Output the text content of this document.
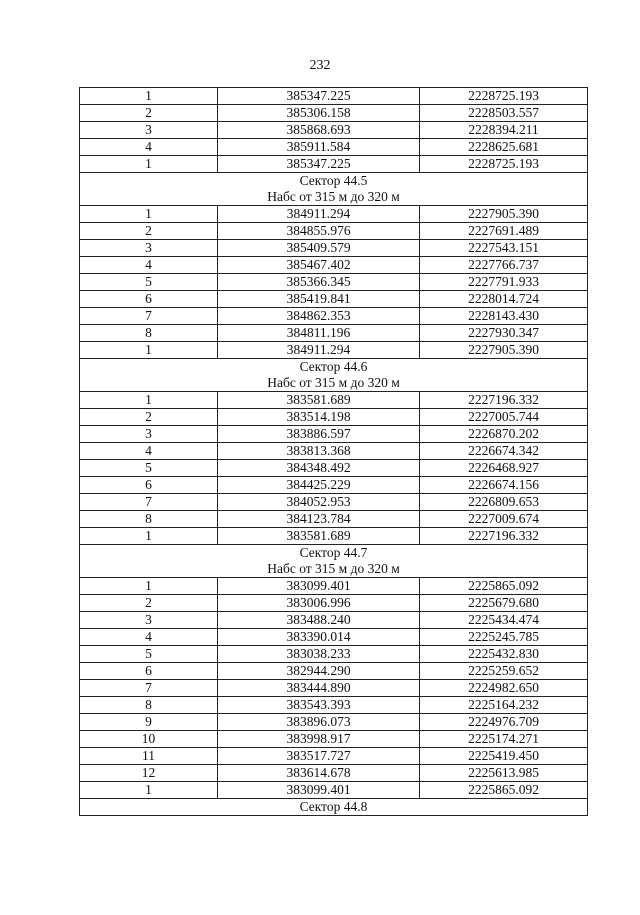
232
1	385347.225	2228725.193
2	385306.158	2228503.557
3	385868.693	2228394.211
4	385911.584	2228625.681
1	385347.225	2228725.193
Сектор 44.5		
Набс от 315 м до 320 м		
1	384911.294	2227905.390
2	384855.976	2227691.489
3	385409.579	2227543.151
4	385467.402	2227766.737
5	385366.345	2227791.933
6	385419.841	2228014.724
7	384862.353	2228143.430
8	384811.196	2227930.347
1	384911.294	2227905.390
Сектор 44.6		
Набс от 315 м до 320 м		
1	383581.689	2227196.332
2	383514.198	2227005.744
3	383886.597	2226870.202
4	383813.368	2226674.342
5	384348.492	2226468.927
6	384425.229	2226674.156
7	384052.953	2226809.653
8	384123.784	2227009.674
1	383581.689	2227196.332
Сектор 44.7		
Набс от 315 м до 320 м		
1	383099.401	2225865.092
2	383006.996	2225679.680
3	383488.240	2225434.474
4	383390.014	2225245.785
5	383038.233	2225432.830
6	382944.290	2225259.652
7	383444.890	2224982.650
8	383543.393	2225164.232
9	383896.073	2224976.709
10	383998.917	2225174.271
11	383517.727	2225419.450
12	383614.678	2225613.985
1	383099.401	2225865.092
Сектор 44.8		
